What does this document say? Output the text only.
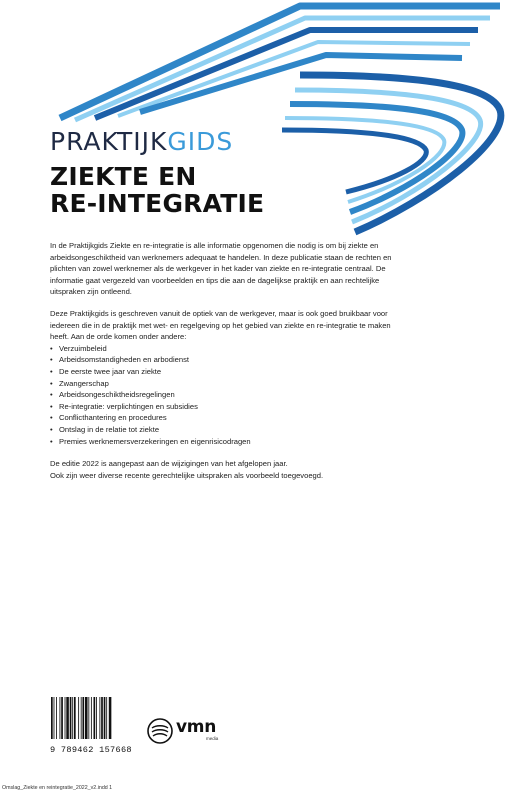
PRAKTIJKGIDS
ZIEKTE EN
RE-INTEGRATIE

In de Praktijkgids Ziekte en re-integratie is alle informatie opgenomen die nodig is om bij ziekte en arbeidsongeschiktheid van werknemers adequaat te handelen. In deze publicatie staan de rechten en plichten van zowel werknemer als de werkgever in het kader van ziekte en re-integratie centraal. De informatie gaat vergezeld van voorbeelden en tips die aan de dagelijkse praktijk en aan rechtelijke uitspraken zijn ontleend.

Deze Praktijkgids is geschreven vanuit de optiek van de werkgever, maar is ook goed bruikbaar voor iedereen die in de praktijk met wet- en regelgeving op het gebied van ziekte en re-integratie te maken heeft. Aan de orde komen onder andere:

• Verzuimbeleid
• Arbeidsomstandigheden en arbodienst
• De eerste twee jaar van ziekte
• Zwangerschap
• Arbeidsongeschiktheidsregelingen
• Re-integratie: verplichtingen en subsidies
• Conflicthantering en procedures
• Ontslag in de relatie tot ziekte
• Premies werknemersverzekeringen en eigenrisicodragen

De editie 2022 is aangepast aan de wijzigingen van het afgelopen jaar.
Ook zijn weer diverse recente gerechtelijke uitspraken als voorbeeld toegevoegd.

9 789462 157668
vmn
media
Omslag_Ziekte en reintegratie_2022_v2.indd 1
